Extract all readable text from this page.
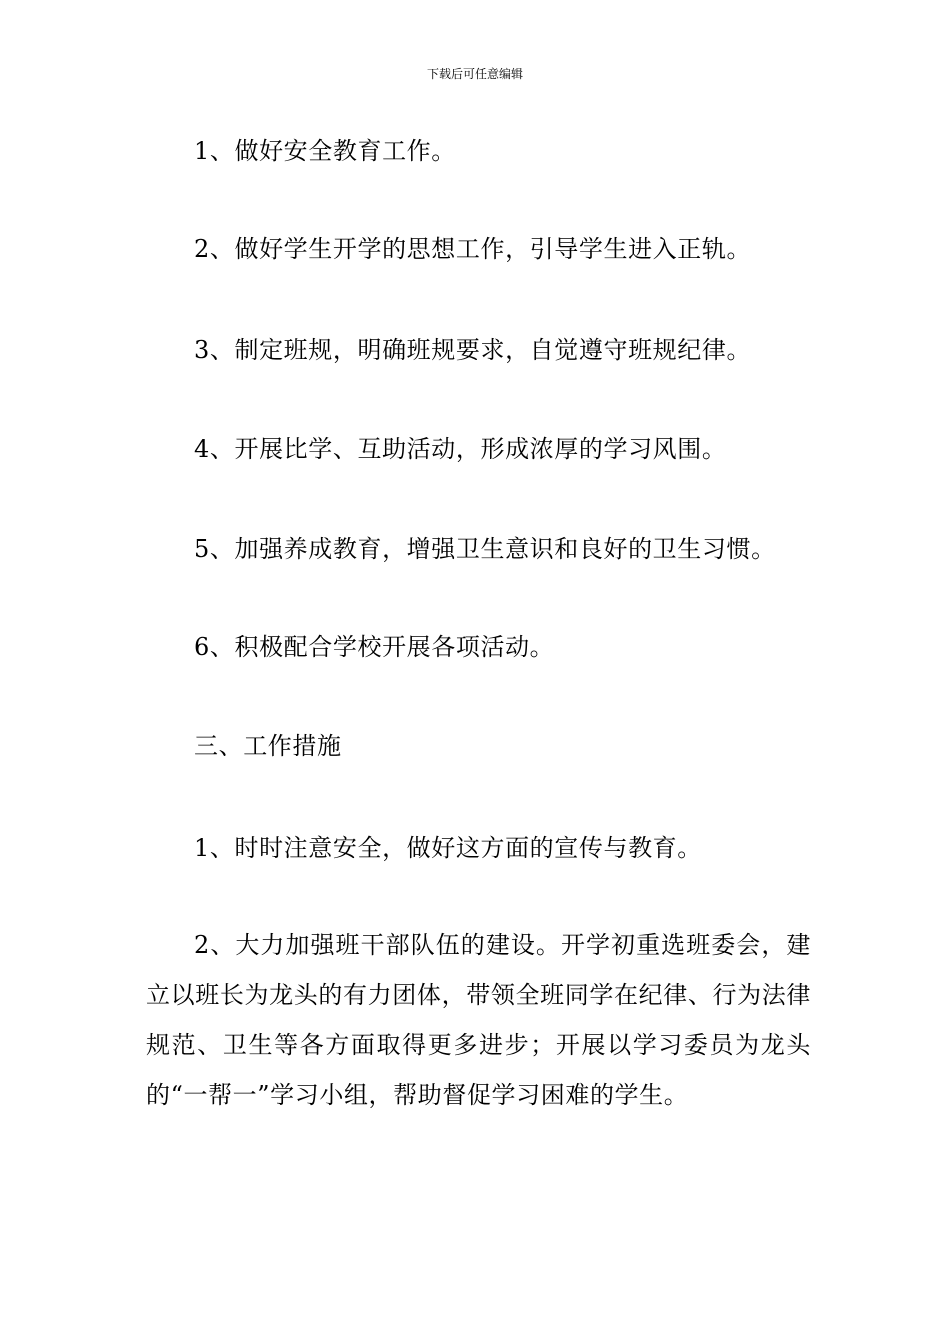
下载后可任意编辑
1、做好安全教育工作。
2、做好学生开学的思想工作，引导学生进入正轨。
3、制定班规，明确班规要求，自觉遵守班规纪律。
4、开展比学、互助活动，形成浓厚的学习风围。
5、加强养成教育，增强卫生意识和良好的卫生习惯。
6、积极配合学校开展各项活动。
三、工作措施
1、时时注意安全，做好这方面的宣传与教育。
2、大力加强班干部队伍的建设。开学初重选班委会，建立以班长为龙头的有力团体，带领全班同学在纪律、行为法律规范、卫生等各方面取得更多进步；开展以学习委员为龙头的“一帮一”学习小组，帮助督促学习困难的学生。
